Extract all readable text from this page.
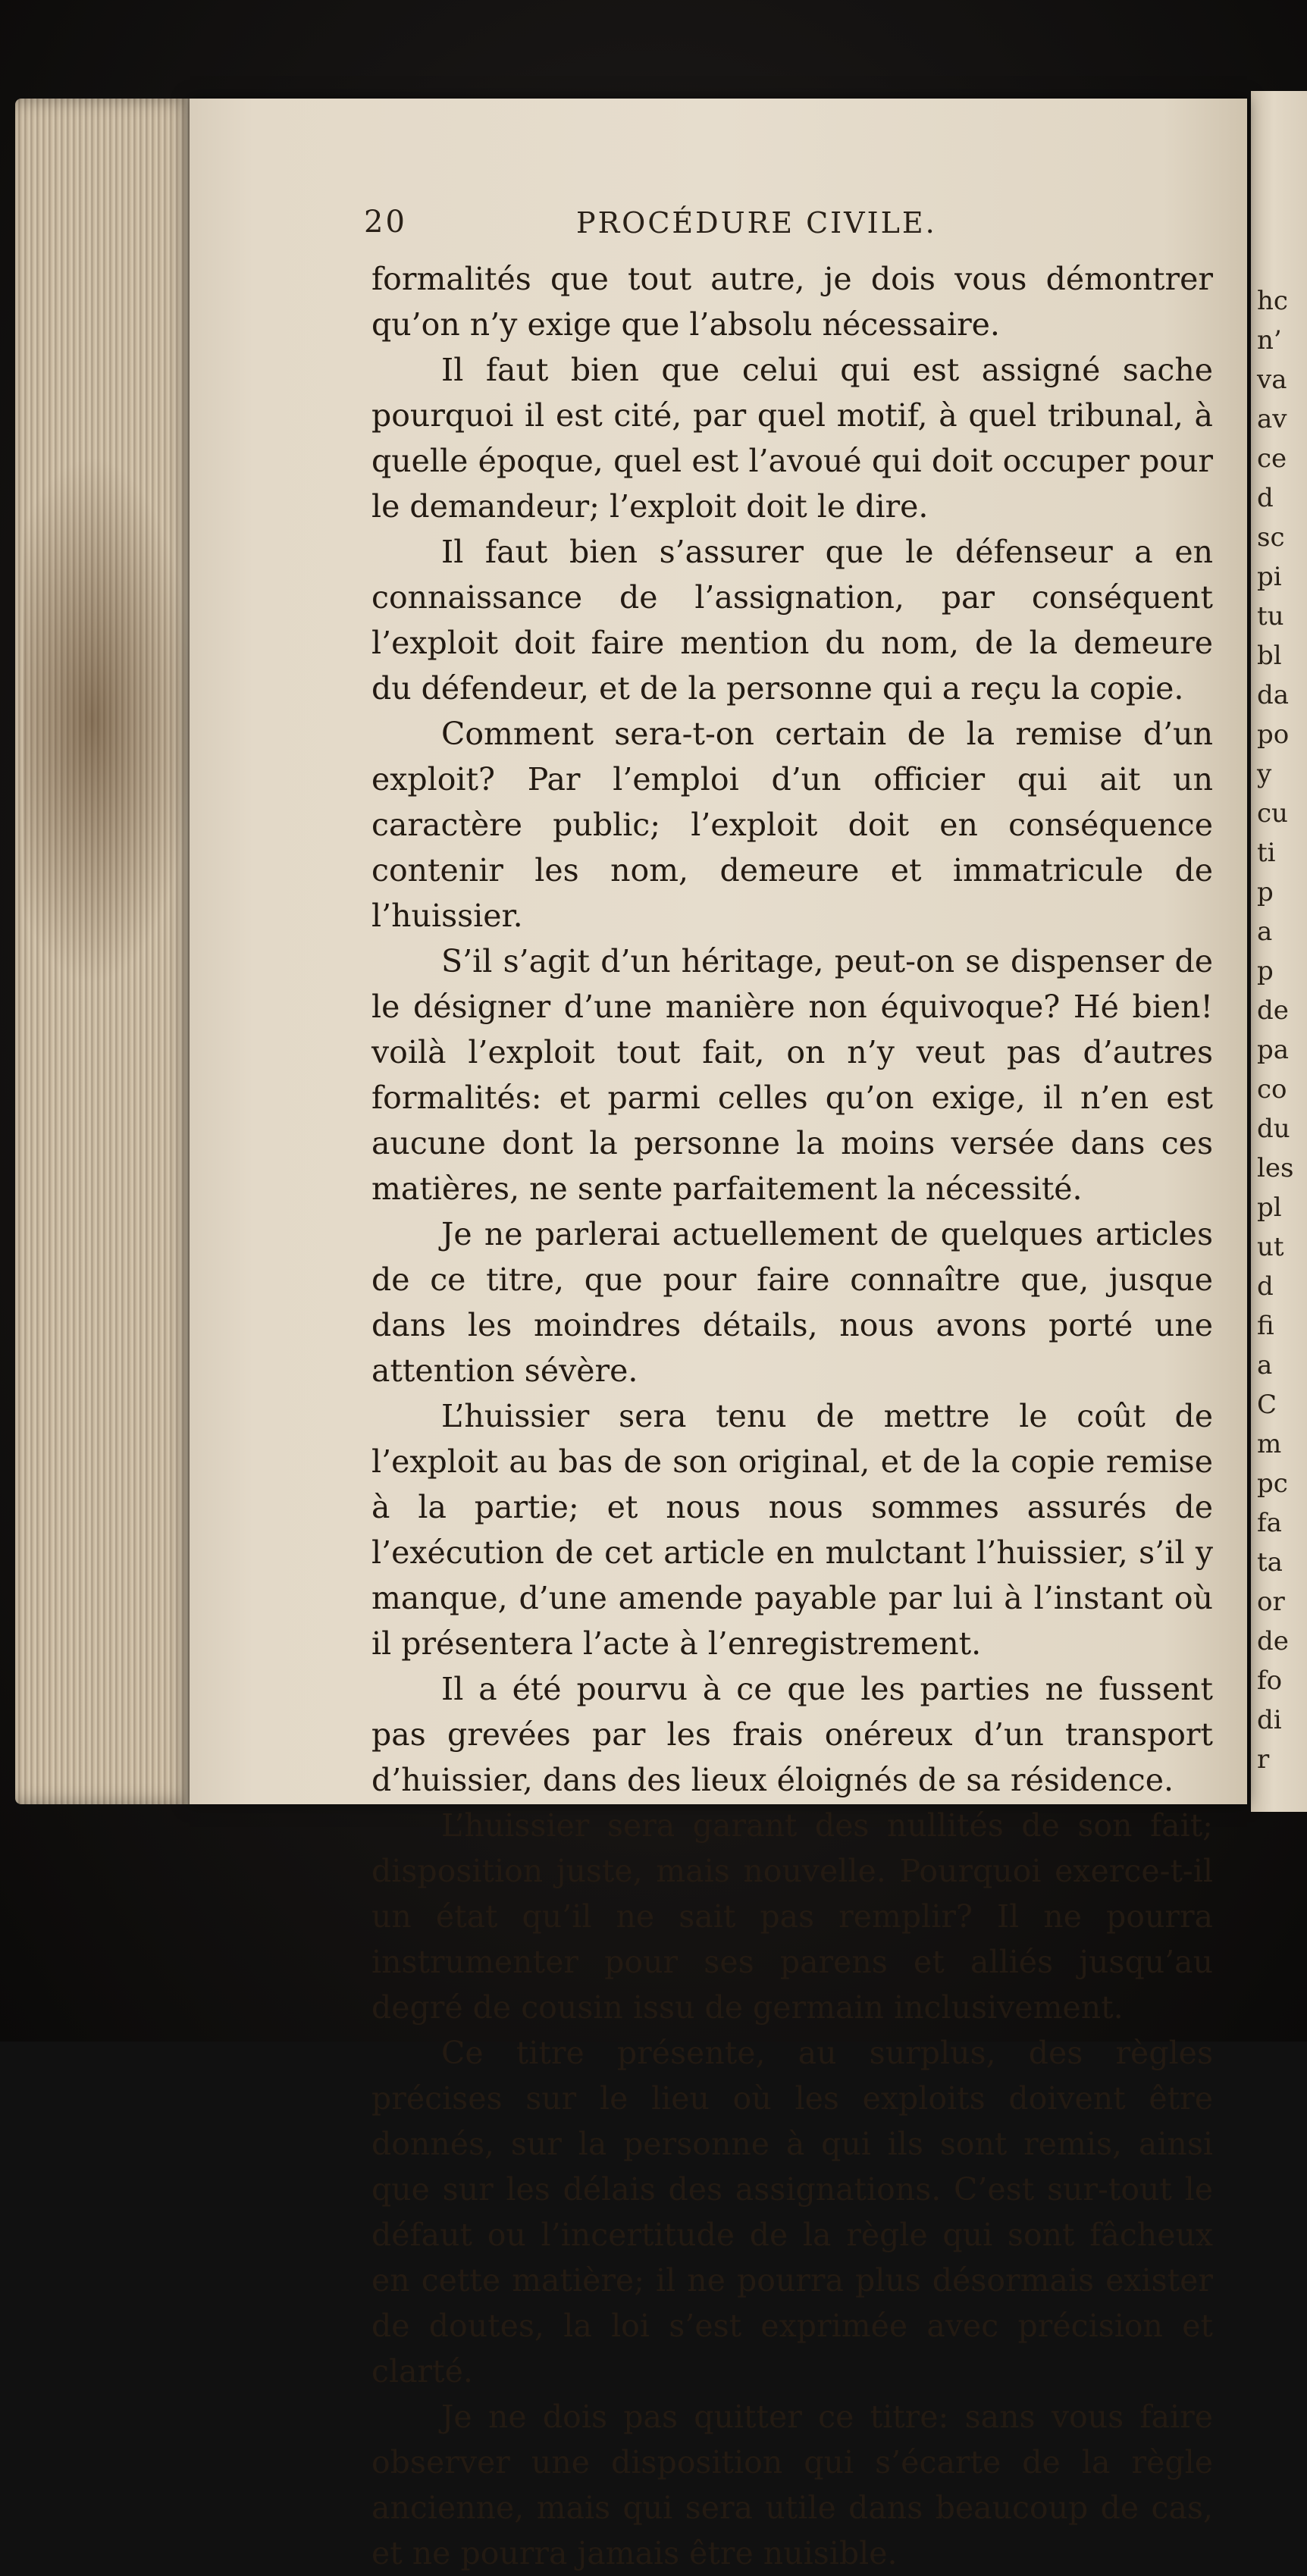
hc
n’
va
av
ce
d
sc
pi
tu
bl
da
po
y
cu
ti
p
a
p
de
pa
co
du
les
pl
ut
d
fi
a
C
m
pc
fa
ta
or
de
fo
di
r
20	PROCÉDURE CIVILE.

formalités que tout autre, je dois vous démontrer qu’on n’y exige que l’absolu nécessaire.

Il faut bien que celui qui est assigné sache pourquoi il est cité, par quel motif, à quel tribunal, à quelle époque, quel est l’avoué qui doit occuper pour le demandeur; l’exploit doit le dire.

Il faut bien s’assurer que le défenseur a en connaissance de l’assignation, par conséquent l’exploit doit faire mention du nom, de la demeure du défendeur, et de la personne qui a reçu la copie.

Comment sera-t-on certain de la remise d’un exploit? Par l’emploi d’un officier qui ait un caractère public; l’exploit doit en conséquence contenir les nom, demeure et immatricule de l’huissier.

S’il s’agit d’un héritage, peut-on se dispenser de le désigner d’une manière non équivoque? Hé bien! voilà l’exploit tout fait, on n’y veut pas d’autres formalités: et parmi celles qu’on exige, il n’en est aucune dont la personne la moins versée dans ces matières, ne sente parfaitement la nécessité.

Je ne parlerai actuellement de quelques articles de ce titre, que pour faire connaître que, jusque dans les moindres détails, nous avons porté une attention sévère.

L’huissier sera tenu de mettre le coût de l’exploit au bas de son original, et de la copie remise à la partie; et nous nous sommes assurés de l’exécution de cet article en mulctant l’huissier, s’il y manque, d’une amende payable par lui à l’instant où il présentera l’acte à l’enregistrement.

Il a été pourvu à ce que les parties ne fussent pas grevées par les frais onéreux d’un transport d’huissier, dans des lieux éloignés de sa résidence.

L’huissier sera garant des nullités de son fait; disposition juste, mais nouvelle. Pourquoi exerce-t-il un état qu’il ne sait pas remplir? Il ne pourra instrumenter pour ses parens et alliés jusqu’au degré de cousin issu de germain inclusivement.

Ce titre présente, au surplus, des règles précises sur le lieu où les exploits doivent être donnés, sur la personne à qui ils sont remis, ainsi que sur les délais des assignations. C’est sur-tout le défaut ou l’incertitude de la règle qui sont fâcheux en cette matière; il ne pourra plus désormais exister de doutes, la loi s’est exprimée avec précision et clarté.

Je ne dois pas quitter ce titre: sans vous faire observer une disposition qui s’écarte de la règle ancienne, mais qui sera utile dans beaucoup de cas, et ne pourra jamais être nuisible.
